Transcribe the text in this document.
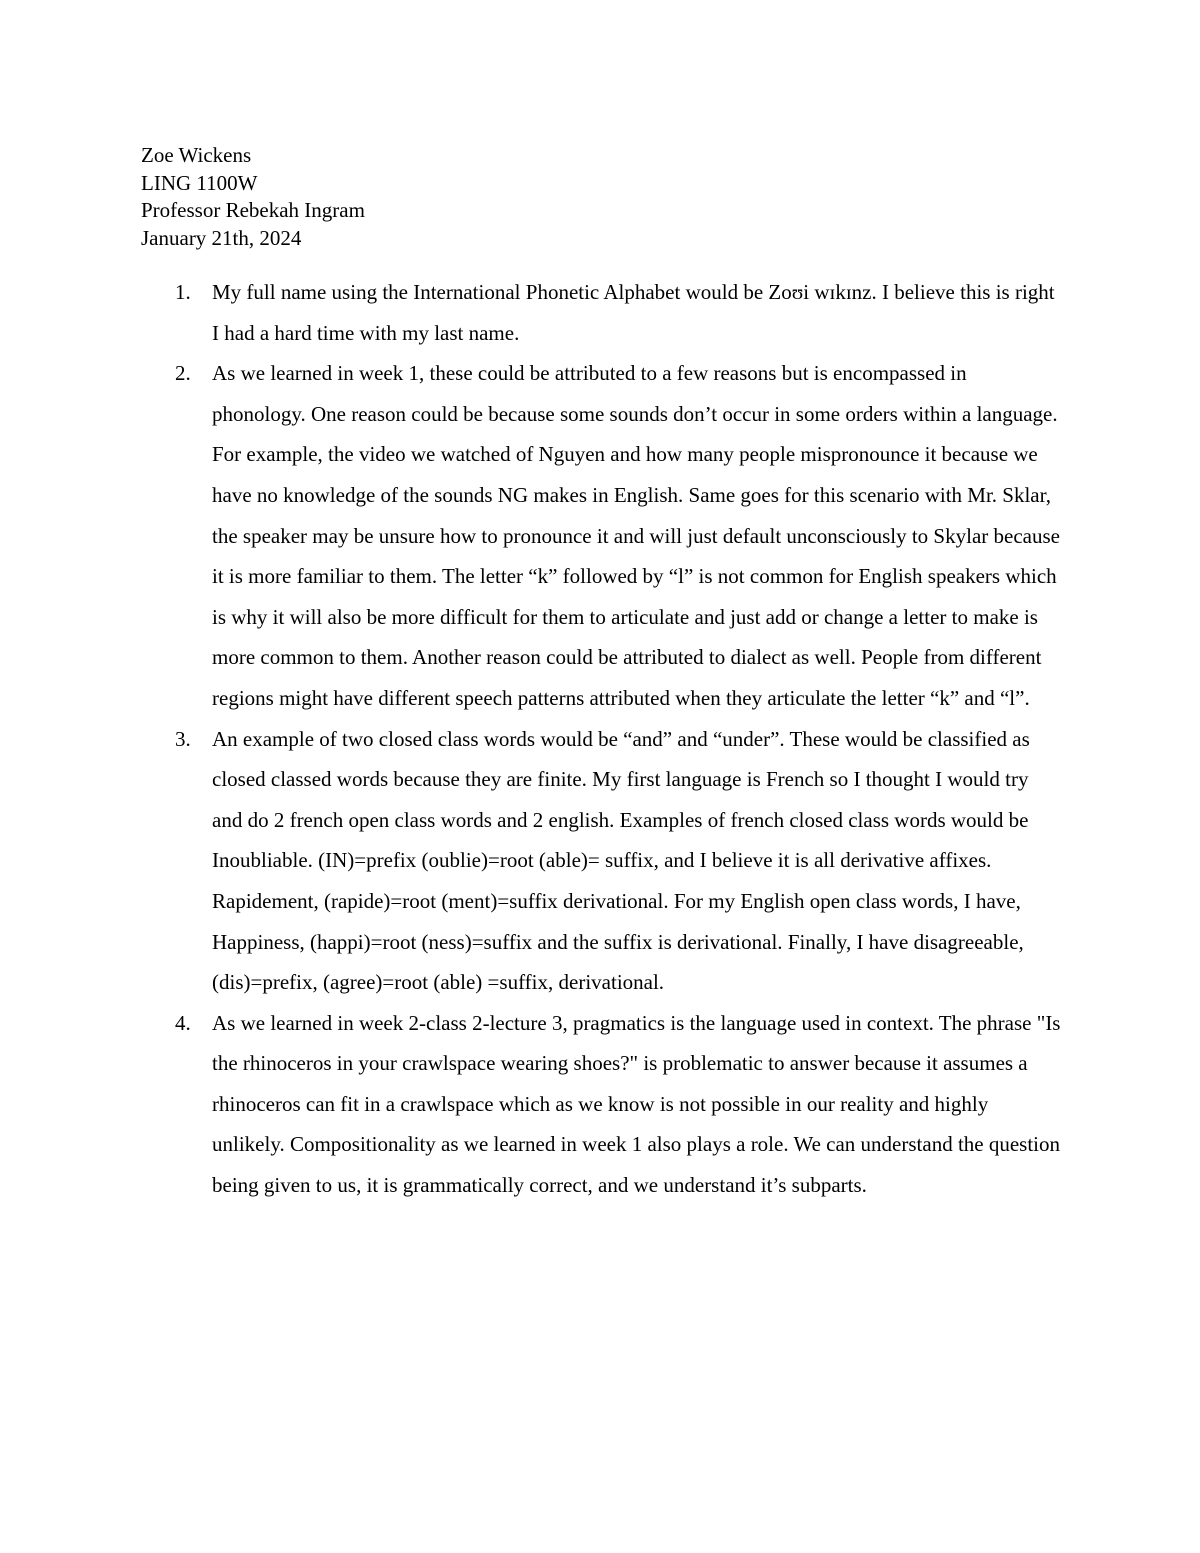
Zoe Wickens
LING 1100W
Professor Rebekah Ingram
January 21th, 2024
1. My full name using the International Phonetic Alphabet would be Zoʊi wɪkɪnz. I believe this is right I had a hard time with my last name.
2. As we learned in week 1, these could be attributed to a few reasons but is encompassed in phonology. One reason could be because some sounds don’t occur in some orders within a language. For example, the video we watched of Nguyen and how many people mispronounce it because we have no knowledge of the sounds NG makes in English. Same goes for this scenario with Mr. Sklar, the speaker may be unsure how to pronounce it and will just default unconsciously to Skylar because it is more familiar to them. The letter “k” followed by “l” is not common for English speakers which is why it will also be more difficult for them to articulate and just add or change a letter to make is more common to them. Another reason could be attributed to dialect as well. People from different regions might have different speech patterns attributed when they articulate the letter “k” and “l”.
3. An example of two closed class words would be “and” and “under”. These would be classified as closed classed words because they are finite. My first language is French so I thought I would try and do 2 french open class words and 2 english. Examples of french closed class words would be Inoubliable. (IN)=prefix (oublie)=root (able)= suffix, and I believe it is all derivative affixes. Rapidement, (rapide)=root (ment)=suffix derivational. For my English open class words, I have, Happiness, (happi)=root (ness)=suffix and the suffix is derivational. Finally, I have disagreeable, (dis)=prefix, (agree)=root (able) =suffix, derivational.
4. As we learned in week 2-class 2-lecture 3, pragmatics is the language used in context. The phrase "Is the rhinoceros in your crawlspace wearing shoes?" is problematic to answer because it assumes a rhinoceros can fit in a crawlspace which as we know is not possible in our reality and highly unlikely. Compositionality as we learned in week 1 also plays a role. We can understand the question being given to us, it is grammatically correct, and we understand it’s subparts.
